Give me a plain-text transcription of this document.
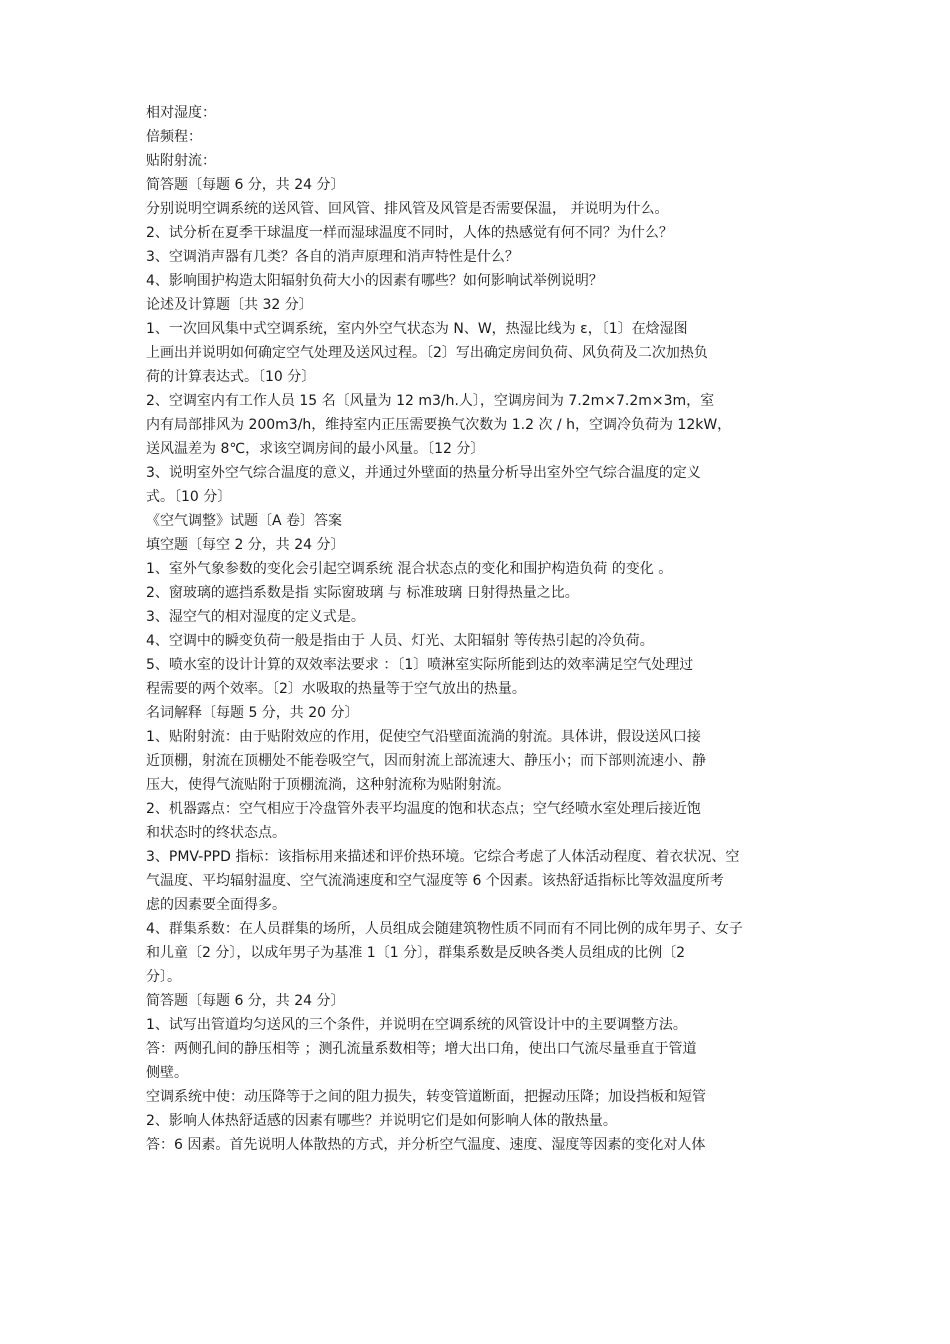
相对湿度：
倍频程：
贴附射流：
简答题〔每题 6 分，共 24 分〕
分别说明空调系统的送风管、回风管、排风管及风管是否需要保温， 并说明为什么。
2、试分析在夏季干球温度一样而湿球温度不同时，人体的热感觉有何不同？为什么？
3、空调消声器有几类？各自的消声原理和消声特性是什么？
4、影响围护构造太阳辐射负荷大小的因素有哪些？如何影响试举例说明？
论述及计算题〔共 32 分〕
1、一次回风集中式空调系统，室内外空气状态为 N、W，热湿比线为 ε，〔1〕在焓湿图
上画出并说明如何确定空气处理及送风过程。〔2〕写出确定房间负荷、风负荷及二次加热负
荷的计算表达式。〔10 分〕
2、空调室内有工作人员 15 名〔风量为 12 m3/h.人〕，空调房间为 7.2m×7.2m×3m，室
内有局部排风为 200m3/h，维持室内正压需要换气次数为 1.2 次 / h，空调冷负荷为 12kW，
送风温差为 8℃，求该空调房间的最小风量。〔12 分〕
3、说明室外空气综合温度的意义，并通过外壁面的热量分析导出室外空气综合温度的定义
式。〔10 分〕
《空气调整》试题〔A 卷〕答案
填空题〔每空 2 分，共 24 分〕
1、室外气象参数的变化会引起空调系统 混合状态点的变化和围护构造负荷 的变化 。
2、窗玻璃的遮挡系数是指 实际窗玻璃 与 标准玻璃 日射得热量之比。
3、湿空气的相对湿度的定义式是。
4、空调中的瞬变负荷一般是指由于 人员、灯光、太阳辐射 等传热引起的冷负荷。
5、喷水室的设计计算的双效率法要求 ：〔1〕喷淋室实际所能到达的效率满足空气处理过
程需要的两个效率。〔2〕水吸取的热量等于空气放出的热量。
名词解释〔每题 5 分，共 20 分〕
1、贴附射流：由于贴附效应的作用，促使空气沿壁面流淌的射流。具体讲，假设送风口接
近顶棚，射流在顶棚处不能卷吸空气，因而射流上部流速大、静压小；而下部则流速小、静
压大，使得气流贴附于顶棚流淌，这种射流称为贴附射流。
2、机器露点：空气相应于冷盘管外表平均温度的饱和状态点；空气经喷水室处理后接近饱
和状态时的终状态点。
3、PMV-PPD 指标：该指标用来描述和评价热环境。它综合考虑了人体活动程度、着衣状况、空
气温度、平均辐射温度、空气流淌速度和空气湿度等 6 个因素。该热舒适指标比等效温度所考
虑的因素要全面得多。
4、群集系数：在人员群集的场所，人员组成会随建筑物性质不同而有不同比例的成年男子、女子
和儿童〔2 分〕，以成年男子为基准 1〔1 分〕，群集系数是反映各类人员组成的比例〔2
分〕。
简答题〔每题 6 分，共 24 分〕
1、试写出管道均匀送风的三个条件，并说明在空调系统的风管设计中的主要调整方法。
答：两侧孔间的静压相等 ；测孔流量系数相等；增大出口角，使出口气流尽量垂直于管道
侧壁。
空调系统中使：动压降等于之间的阻力损失，转变管道断面，把握动压降；加设挡板和短管
2、影响人体热舒适感的因素有哪些？并说明它们是如何影响人体的散热量。
答：6 因素。首先说明人体散热的方式，并分析空气温度、速度、湿度等因素的变化对人体
